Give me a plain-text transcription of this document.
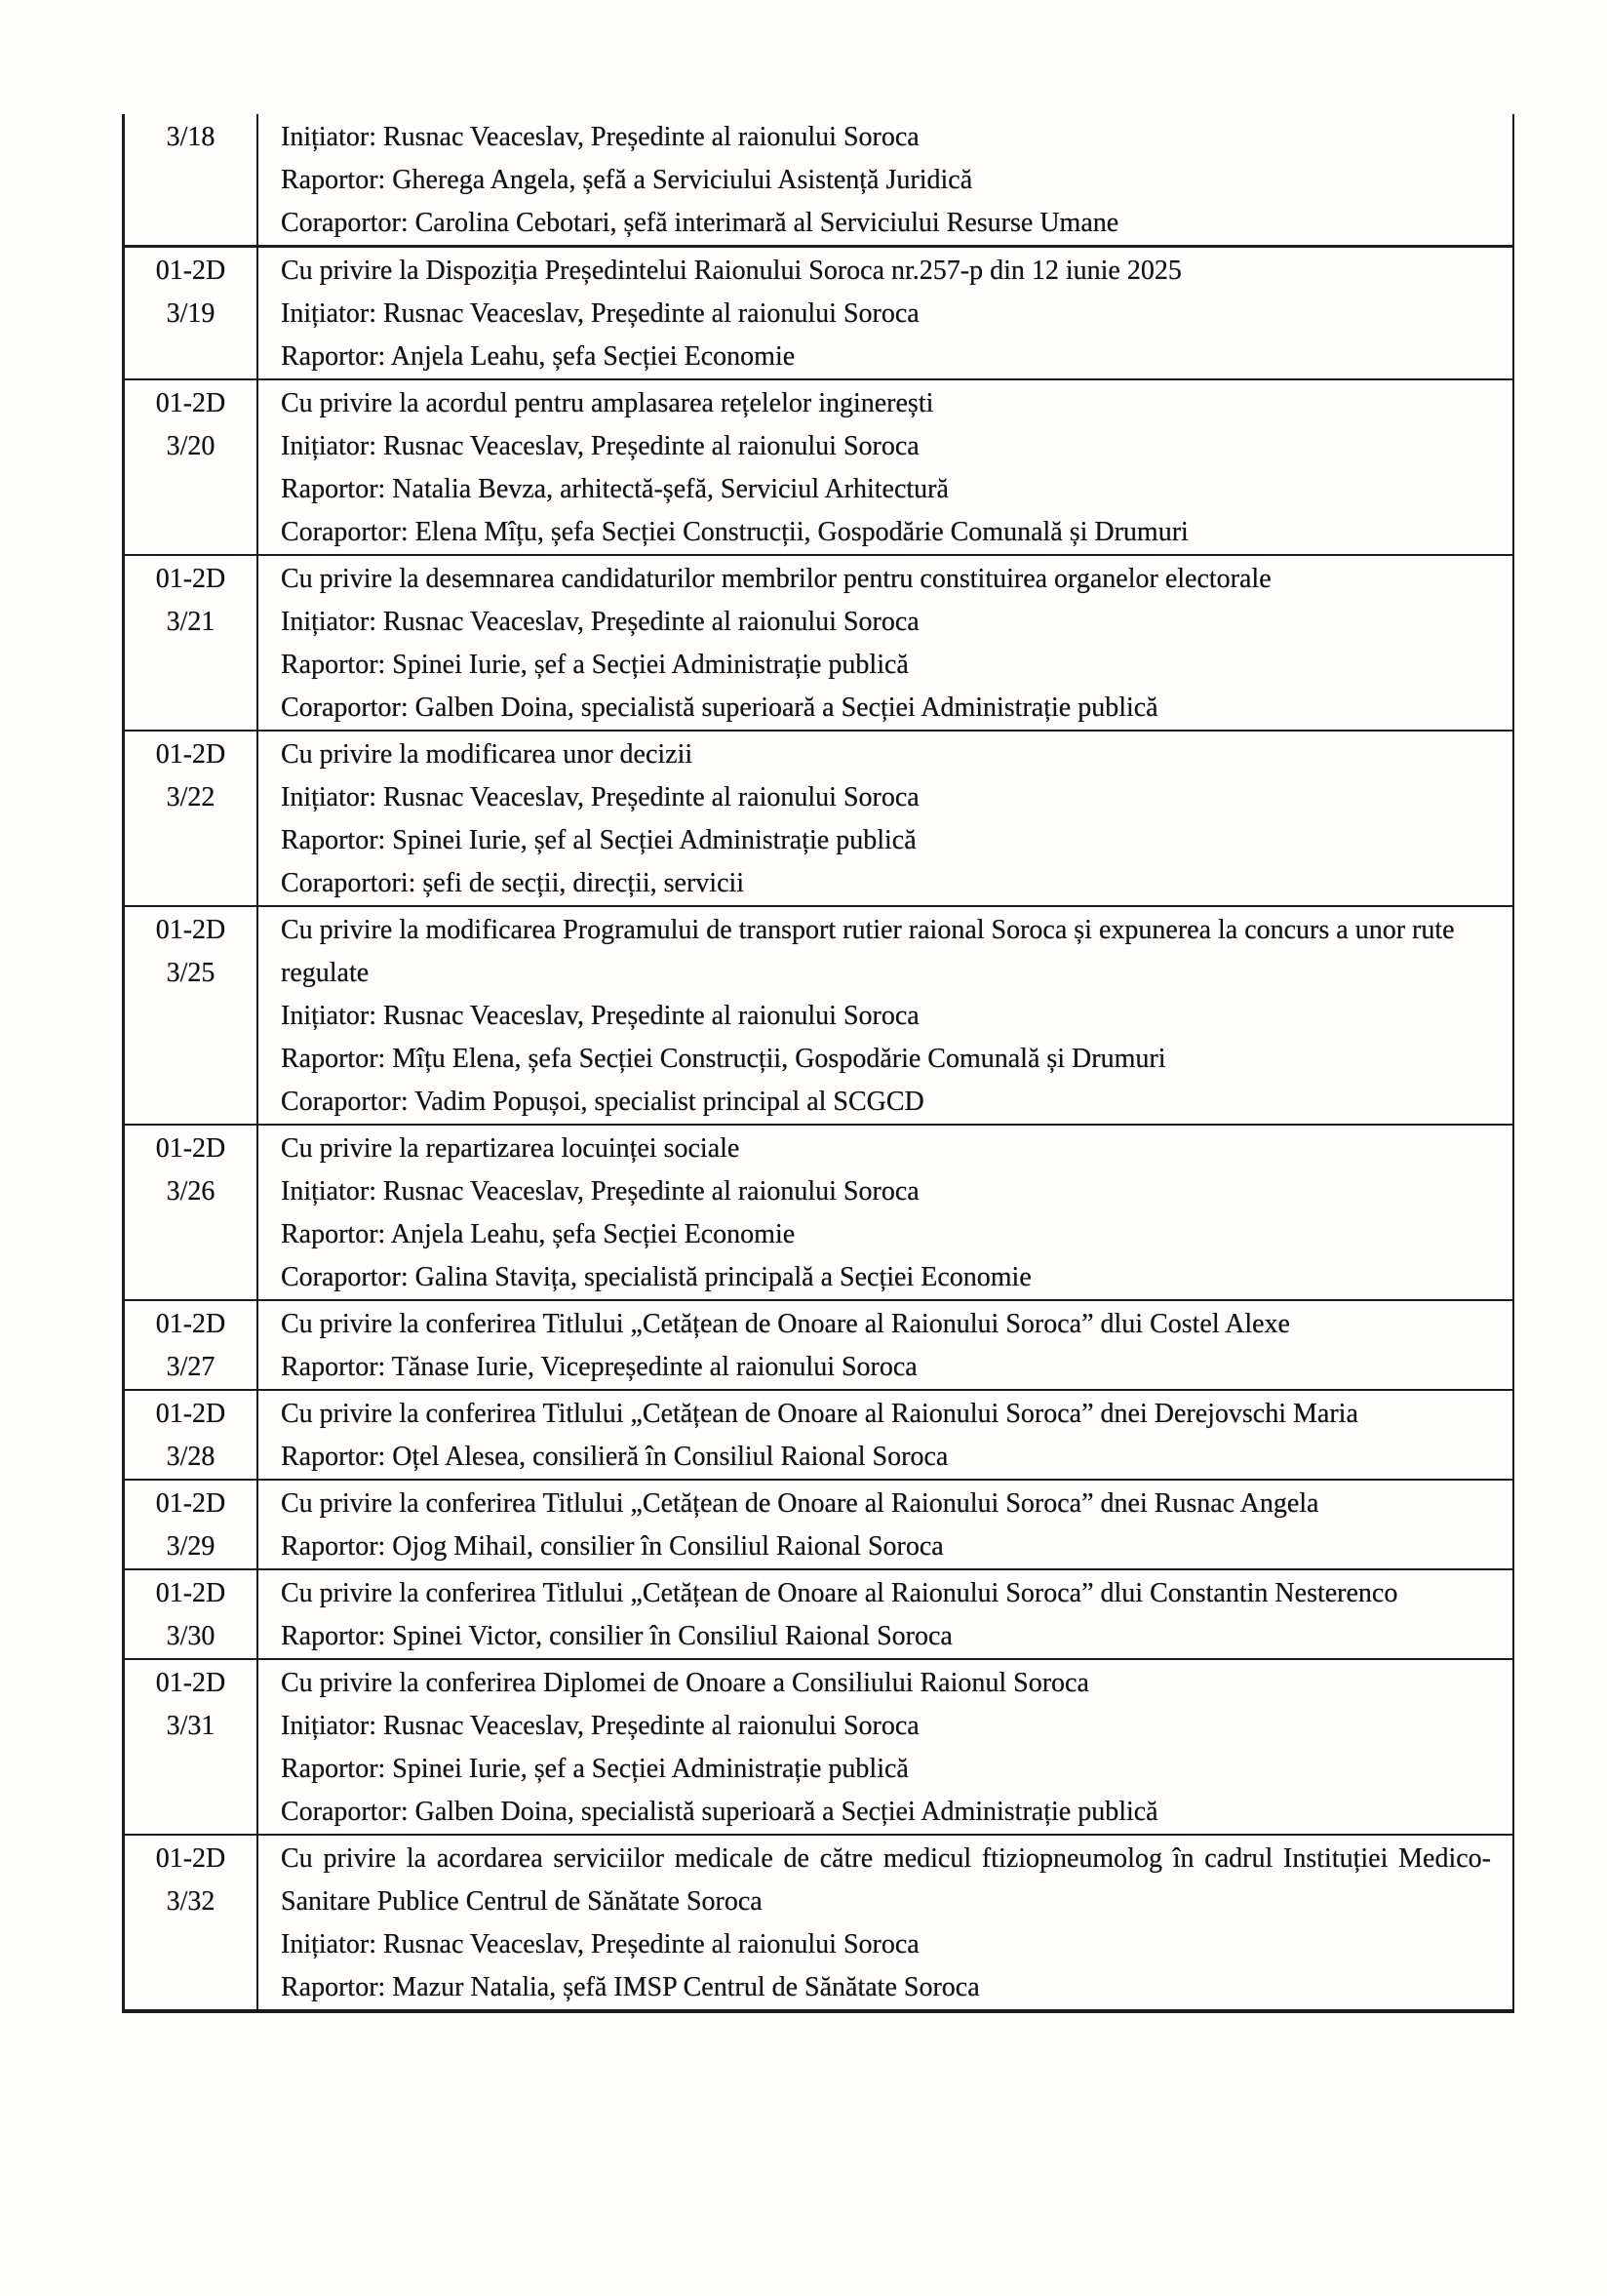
3/18	Inițiator: Rusnac Veaceslav, Președinte al raionului Soroca
Raportor: Gherega Angela, șefă a Serviciului Asistență Juridică
Coraportor: Carolina Cebotari, șefă interimară al Serviciului Resurse Umane
01-2D
3/19
Cu privire la Dispoziția Președintelui Raionului Soroca nr.257-p din 12 iunie 2025
Inițiator: Rusnac Veaceslav, Președinte al raionului Soroca
Raportor: Anjela Leahu, șefa Secției Economie
01-2D
3/20
Cu privire la acordul pentru amplasarea rețelelor inginerești
Inițiator: Rusnac Veaceslav, Președinte al raionului Soroca
Raportor: Natalia Bevza, arhitectă-șefă, Serviciul Arhitectură
Coraportor: Elena Mîțu, șefa Secției Construcții, Gospodărie Comunală și Drumuri
01-2D
3/21
Cu privire la desemnarea candidaturilor membrilor pentru constituirea organelor electorale
Inițiator: Rusnac Veaceslav, Președinte al raionului Soroca
Raportor: Spinei Iurie, șef a Secției Administrație publică
Coraportor: Galben Doina, specialistă superioară a Secției Administrație publică
01-2D
3/22
Cu privire la modificarea unor decizii
Inițiator: Rusnac Veaceslav, Președinte al raionului Soroca
Raportor: Spinei Iurie, șef al Secției Administrație publică
Coraportori: șefi de secții, direcții, servicii
01-2D
3/25
Cu privire la modificarea Programului de transport rutier raional Soroca și expunerea la concurs a unor rute regulate
Inițiator: Rusnac Veaceslav, Președinte al raionului Soroca
Raportor: Mîțu Elena, șefa Secției Construcții, Gospodărie Comunală și Drumuri
Coraportor: Vadim Popușoi, specialist principal al SCGCD
01-2D
3/26
Cu privire la repartizarea locuinței sociale
Inițiator: Rusnac Veaceslav, Președinte al raionului Soroca
Raportor: Anjela Leahu, șefa Secției Economie
Coraportor: Galina Stavița, specialistă principală a Secției Economie
01-2D
3/27
Cu privire la conferirea Titlului „Cetățean de Onoare al Raionului Soroca” dlui Costel Alexe
Raportor: Tănase Iurie, Vicepreședinte al raionului Soroca
01-2D
3/28
Cu privire la conferirea Titlului „Cetățean de Onoare al Raionului Soroca” dnei Derejovschi Maria
Raportor: Oțel Alesea, consilieră în Consiliul Raional Soroca
01-2D
3/29
Cu privire la conferirea Titlului „Cetățean de Onoare al Raionului Soroca” dnei Rusnac Angela
Raportor: Ojog Mihail, consilier în Consiliul Raional Soroca
01-2D
3/30
Cu privire la conferirea Titlului „Cetățean de Onoare al Raionului Soroca” dlui Constantin Nesterenco
Raportor: Spinei Victor, consilier în Consiliul Raional Soroca
01-2D
3/31
Cu privire la conferirea Diplomei de Onoare a Consiliului Raionul Soroca
Inițiator: Rusnac Veaceslav, Președinte al raionului Soroca
Raportor: Spinei Iurie, șef a Secției Administrație publică
Coraportor: Galben Doina, specialistă superioară a Secției Administrație publică
01-2D
3/32
Cu privire la acordarea serviciilor medicale de către medicul ftiziopneumolog în cadrul Instituției Medico-Sanitare Publice Centrul de Sănătate Soroca
Inițiator: Rusnac Veaceslav, Președinte al raionului Soroca
Raportor: Mazur Natalia, șefă IMSP Centrul de Sănătate Soroca
